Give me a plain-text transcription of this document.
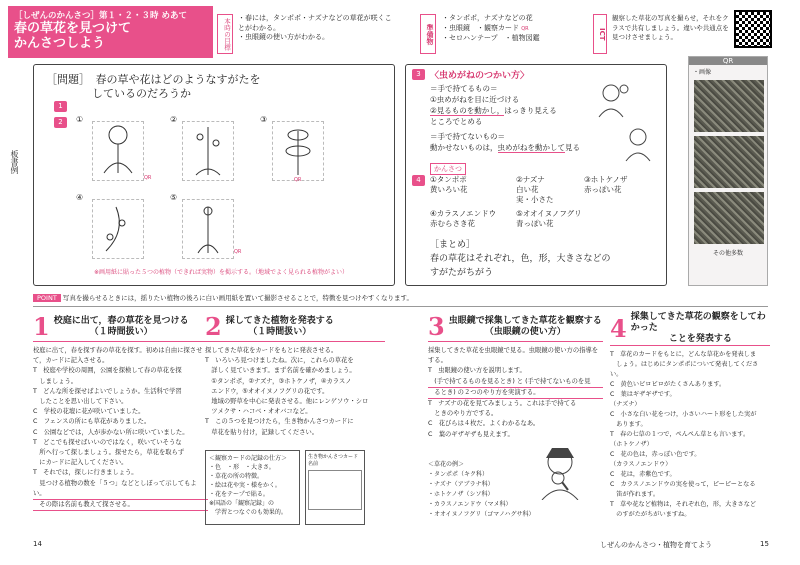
［しぜんのかんさつ］第１・２・３時 めあて
春の草花を見つけて
かんさつしよう	本時の目標 ・春には，タンポポ・ナズナなどの草花が咲くことがわかる。
・虫眼鏡の使い方がわかる。	準備物
・タンポポ，ナズナなどの花
・虫眼鏡　 ・観察カード QR
・セロハンテープ　 ・植物図鑑	ICT
観察した草花の写真を撮らせ，それをクラスで共有しましょう。違いや共通点を見つけさせましょう。
板書例
［問題］　 春の草や花はどのようなすがたを
しているのだろうか
1
2	①
QR
②	③
QR
④	⑤
QR
※画用紙に貼った５つの植物（できれば実物）を掲示する。（地域でよく見られる植物がよい）
3	〈虫めがねのつかい方〉
＝手で持てるもの＝
①虫めがねを目に近づける
②見るものを動かし，はっきり見える
ところでとめる
＝手で持てないもの＝
動かせないものは，虫めがねを動かして見る
4
かんさつ
①タンポポ
黄いろい花
②ナズナ
白い花
実・小さた
③ホトケノザ
赤っぽい花
④カラスノエンドウ
赤むらさき花
⑤オオイヌノフグリ
青っぽい花
［まとめ］
春の草花はそれぞれ，色，形，大きさなどの
すがたがちがう
QR
・画像
その他多数
POINT 写真を撮らせるときには，揺りたい植物の後ろに白い画用紙を置いて撮影させることで，特徴を見つけやすくなります。
1 校庭に出て，春の草花を見つける
（１時間扱い）

校庭に出て，春を探す春の草花を探す。初めは自由に探させて，カードに記入させる。

T　校庭や学校の周囲，公園を探検して春の草花を探

　しましょう。

T　どんな所を探せばよいでしょうか。生活科で学習

　したことを思い出して下さい。

C　学校の花壇に花が咲いていました。

C　フェンスの所にも草花がありました。

C　公園などでは，人が歩かない所に咲いていました。

T　どこでも探せばいいのではなく，咲いていそうな

　所へ行って探しましょう。探せたら，草花を取らず

　にカードに記入してください。

T　それでは，探しに行きましょう。

　見つける植物の数を「５つ」などとしぼって示してもよい。

　その際は名前も教えて探させる。

2 採してきた植物を発表する
（１時間扱い）

探してきた草花をカードをもとに発表させる。

T　いろいろ見つけましたね。次に，これらの草花を

　詳しく見ていきます。まず名前を確かめましょう。

　①タンポポ，②ナズナ，③ホトケノザ，④カラスノ

　エンドウ，⑤オオイヌノフグリの花です。

　地域の野草を中心に発表させる。他にレンゲソウ・シロ

　ツメクサ・ハコベ・オオバコなど。

T　この５つを見つけたら，生き物かんさつカードに

　草花を貼り付け，記録してください。

＜観察カードの記録の仕方＞
・色　・形　・大きさ。
・草花の所の特徴。
・絵は花や実・様をかく。
・花をテープで貼る。
※国語の「観察記録」の
　学習とつなぐのも効果的。
生き物かんさつカード
名前
3 虫眼鏡で採集してきた草花を観察する
（虫眼鏡の使い方）

採集してきた草花を虫眼鏡で見る。虫眼鏡の使い方の指導をする。

T　虫眼鏡の使い方を説明します。

　(手で持てるものを見るとき) と (手で持てないものを見

　るとき) の２つのやり方を実演する。

T　ナズナの花を見てみましょう。これは手で持てる

　ときのやり方でする。

C　花びらは４枚だ。よくわかるなあ。

C　葉のギザギザも見えます。

＜草花の例＞
・タンポポ（キク科）
・ナズナ（アブラナ科）
・ホトケノザ（シソ科）
・カラスノエンドウ（マメ科）
・オオイヌノフグリ（ゴマノハグサ科）
4 採集してきた草花の観察をしてわかった
ことを発表する

T　草花のカードをもとに，どんな草花かを発表しま

　しょう。はじめにタンポポについて発表してください。

C　黄色いビロビロがたくさんあります。

C　葉はギザギザです。

（ナズナ）

C　小さな白い花をつけ，小さいハート形をした実が

　あります。

T　春の七草の１つで，ぺんぺん草とも言います。

（ホトケノザ）

C　花の色は，赤っぽい色です。

（カラスノエンドウ）

C　花は，赤紫色です。

C　カラスノエンドウの実を使って，ピーピーとなる

　笛が作れます。

T　草や花など植物は，それぞれ色，形，大きさなど

　のすがたがちがいますね。

14	しぜんのかんさつ・植物を育てよう	15
